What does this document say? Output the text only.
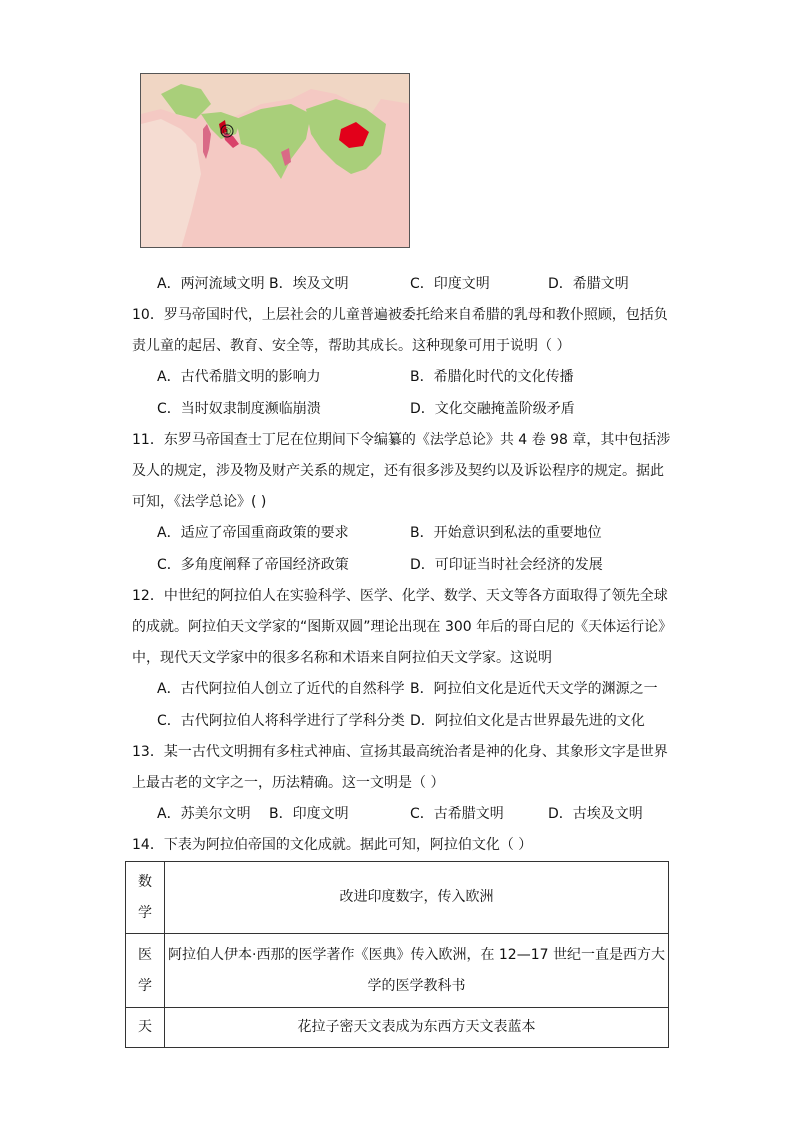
①
A．两河流域文明 B．埃及文明	C．印度文明	D．希腊文明
10．罗马帝国时代，上层社会的儿童普遍被委托给来自希腊的乳母和教仆照顾，包括负
责儿童的起居、教育、安全等，帮助其成长。这种现象可用于说明（ ）
A．古代希腊文明的影响力	B．希腊化时代的文化传播
C．当时奴隶制度濒临崩溃	D．文化交融掩盖阶级矛盾
11．东罗马帝国查士丁尼在位期间下令编纂的《法学总论》共 4 卷 98 章，其中包括涉
及人的规定，涉及物及财产关系的规定，还有很多涉及契约以及诉讼程序的规定。据此
可知，《法学总论》( )
A．适应了帝国重商政策的要求	B．开始意识到私法的重要地位
C．多角度阐释了帝国经济政策	D．可印证当时社会经济的发展
12．中世纪的阿拉伯人在实验科学、医学、化学、数学、天文等各方面取得了领先全球
的成就。阿拉伯天文学家的“图斯双圆”理论出现在 300 年后的哥白尼的《天体运行论》
中，现代天文学家中的很多名称和术语来自阿拉伯天文学家。这说明
A．古代阿拉伯人创立了近代的自然科学 B．阿拉伯文化是近代天文学的渊源之一
C．古代阿拉伯人将科学进行了学科分类 D．阿拉伯文化是古世界最先进的文化
13．某一古代文明拥有多柱式神庙、宣扬其最高统治者是神的化身、其象形文字是世界
上最古老的文字之一，历法精确。这一文明是（ ）
A．苏美尔文明 B．印度文明	C．古希腊文明	D．古埃及文明
14．下表为阿拉伯帝国的文化成就。据此可知，阿拉伯文化（ ）
数
学	改进印度数字，传入欧洲

医
学	阿拉伯人伊本·西那的医学著作《医典》传入欧洲，在 12—17 世纪一直是西方大
学的医学教科书

天	花拉子密天文表成为东西方天文表蓝本
